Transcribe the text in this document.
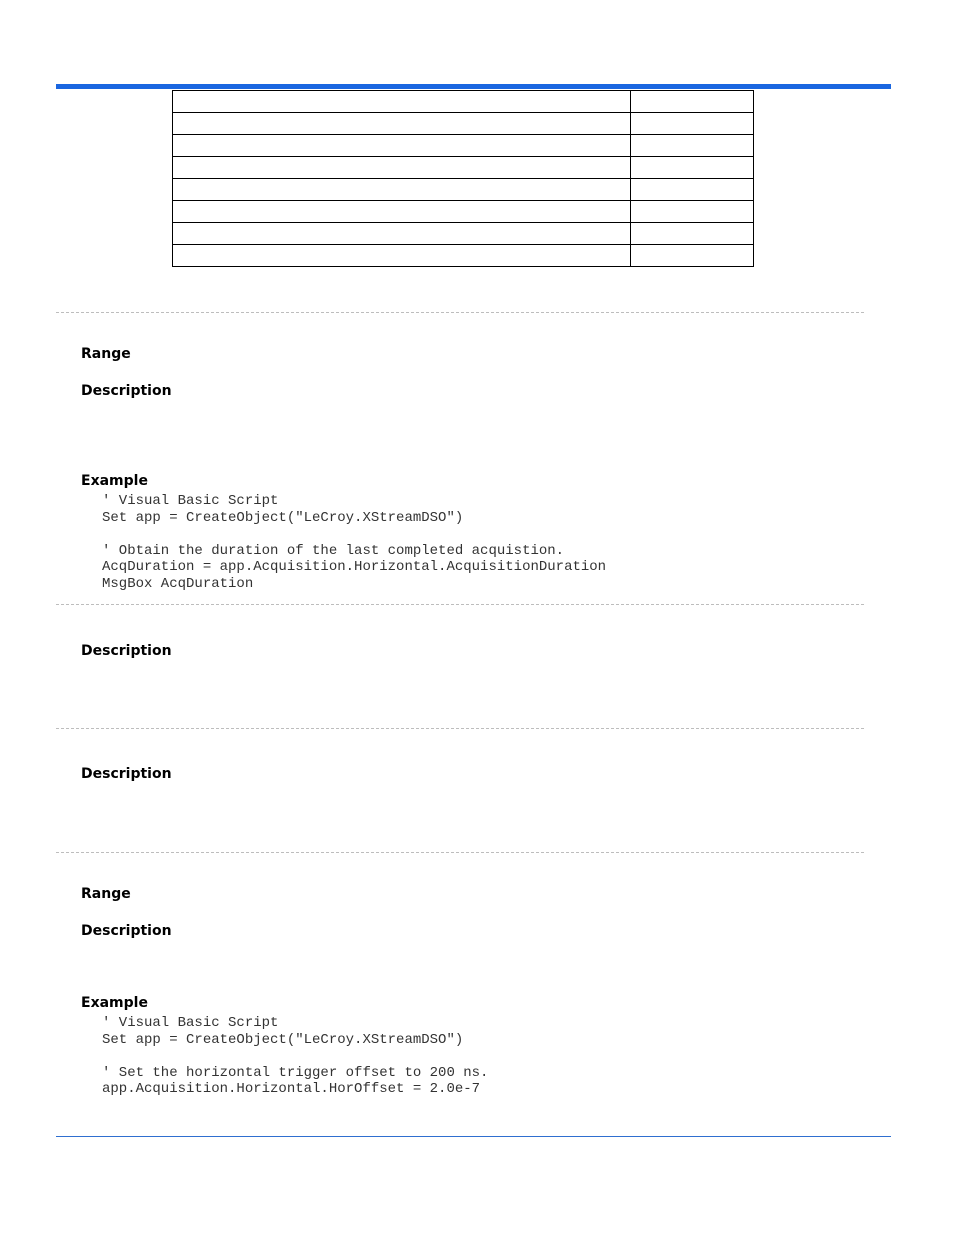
Range
Description
Example
' Visual Basic Script
Set app = CreateObject("LeCroy.XStreamDSO")

' Obtain the duration of the last completed acquistion.
AcqDuration = app.Acquisition.Horizontal.AcquisitionDuration
MsgBox AcqDuration
Description
Description
Range
Description
Example
' Visual Basic Script
Set app = CreateObject("LeCroy.XStreamDSO")

' Set the horizontal trigger offset to 200 ns.
app.Acquisition.Horizontal.HorOffset = 2.0e-7
